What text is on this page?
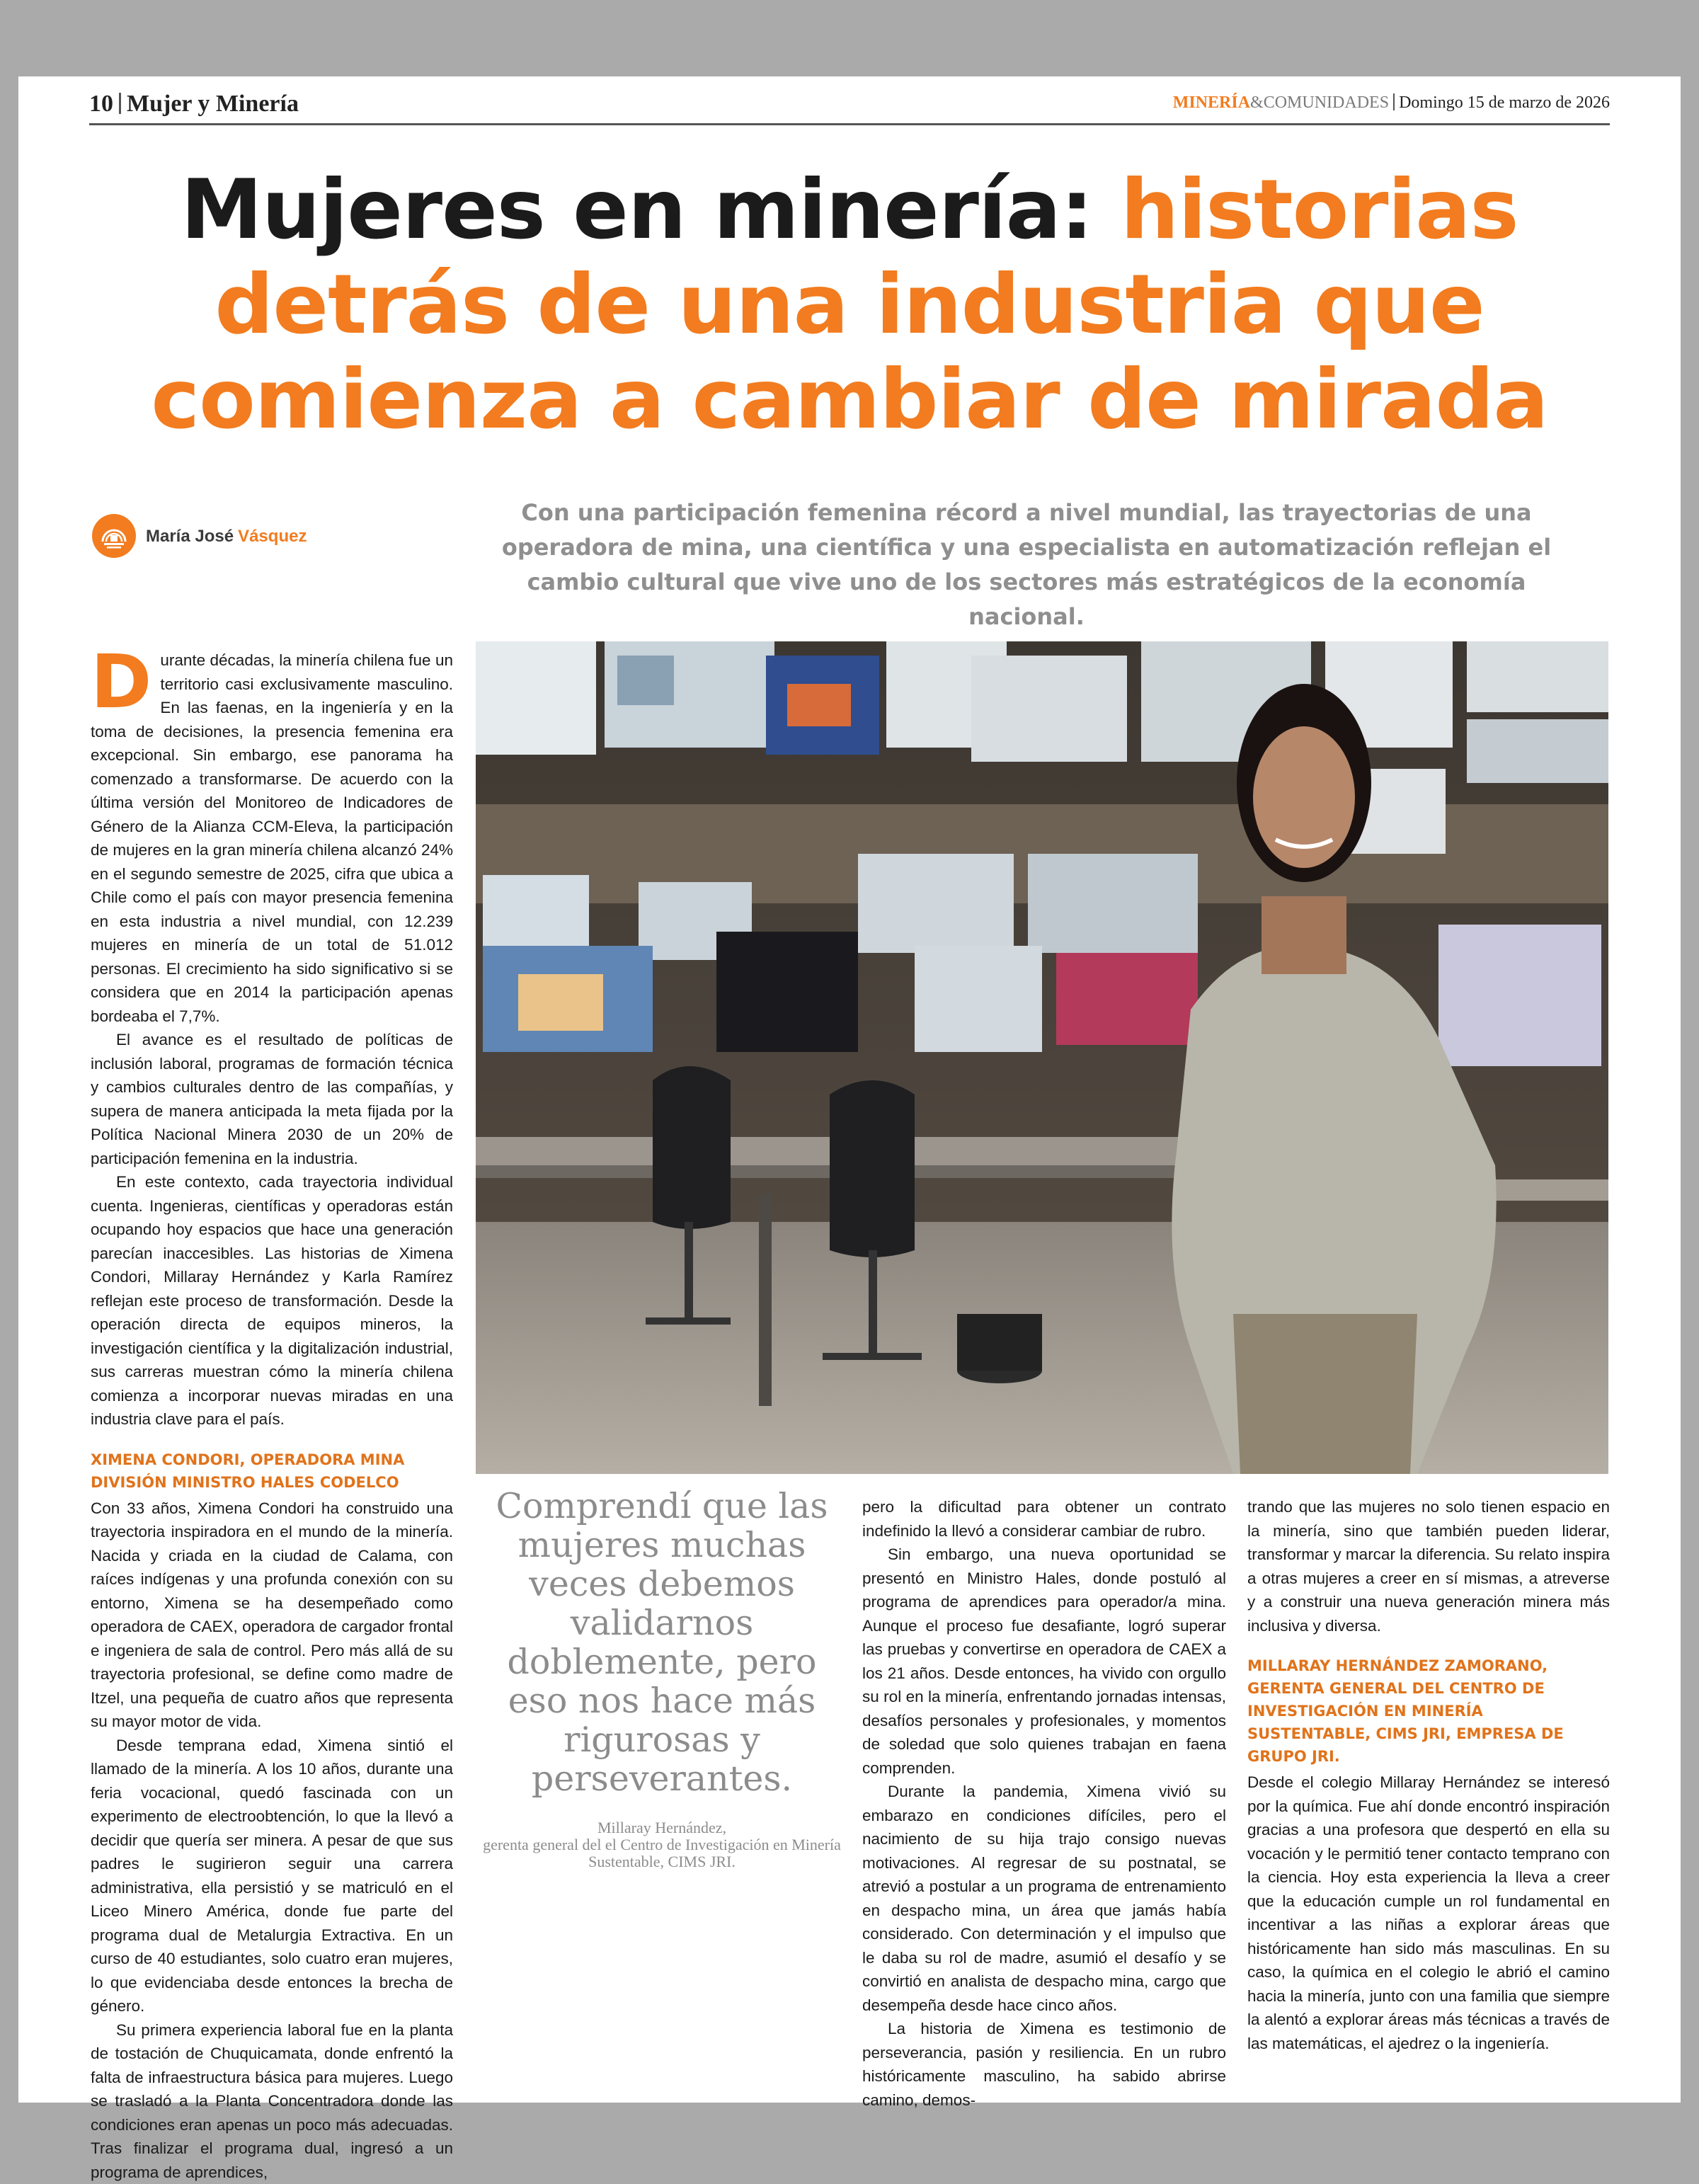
10 Mujer y Minería	MINERÍA&COMUNIDADES Domingo 15 de marzo de 2026
Mujeres en minería: historias
detrás de una industria que
comienza a cambiar de mirada
María José Vásquez
Con una participación femenina récord a nivel mundial, las trayectorias de una operadora de mina, una científica y una especialista en automatización reflejan el cambio cultural que vive uno de los sectores más estratégicos de la economía nacional.

Durante décadas, la minería chilena fue un territorio casi exclusivamente masculino. En las faenas, en la ingeniería y en la toma de decisiones, la presencia femenina era excepcional. Sin embargo, ese panorama ha comenzado a transformarse. De acuerdo con la última versión del Monitoreo de Indicadores de Género de la Alianza CCM-Eleva, la participación de mujeres en la gran minería chilena alcanzó 24% en el segundo semestre de 2025, cifra que ubica a Chile como el país con mayor presencia femenina en esta industria a nivel mundial, con 12.239 mujeres en minería de un total de 51.012 personas. El crecimiento ha sido significativo si se considera que en 2014 la participación apenas bordeaba el 7,7%.

El avance es el resultado de políticas de inclusión laboral, programas de formación técnica y cambios culturales dentro de las compañías, y supera de manera anticipada la meta fijada por la Política Nacional Minera 2030 de un 20% de participación femenina en la industria.

En este contexto, cada trayectoria individual cuenta. Ingenieras, científicas y operadoras están ocupando hoy espacios que hace una generación parecían inaccesibles. Las historias de Ximena Condori, Millaray Hernández y Karla Ramírez reflejan este proceso de transformación. Desde la operación directa de equipos mineros, la investigación científica y la digitalización industrial, sus carreras muestran cómo la minería chilena comienza a incorporar nuevas miradas en una industria clave para el país.

XIMENA CONDORI, OPERADORA MINA DIVISIÓN MINISTRO HALES CODELCO

Con 33 años, Ximena Condori ha construido una trayectoria inspiradora en el mundo de la minería. Nacida y criada en la ciudad de Calama, con raíces indígenas y una profunda conexión con su entorno, Ximena se ha desempeñado como operadora de CAEX, operadora de cargador frontal e ingeniera de sala de control. Pero más allá de su trayectoria profesional, se define como madre de Itzel, una pequeña de cuatro años que representa su mayor motor de vida.

Desde temprana edad, Ximena sintió el llamado de la minería. A los 10 años, durante una feria vocacional, quedó fascinada con un experimento de electroobtención, lo que la llevó a decidir que quería ser minera. A pesar de que sus padres le sugirieron seguir una carrera administrativa, ella persistió y se matriculó en el Liceo Minero América, donde fue parte del programa dual de Metalurgia Extractiva. En un curso de 40 estudiantes, solo cuatro eran mujeres, lo que evidenciaba desde entonces la brecha de género.

Su primera experiencia laboral fue en la planta de tostación de Chuquicamata, donde enfrentó la falta de infraestructura básica para mujeres. Luego se trasladó a la Planta Concentradora donde las condiciones eran apenas un poco más adecuadas. Tras finalizar el programa dual, ingresó a un programa de aprendices,

Comprendí que las mujeres muchas veces debemos validarnos doblemente, pero eso nos hace más rigurosas y perseverantes.
Millaray Hernández,
gerenta general del el Centro de Investigación en Minería Sustentable, CIMS JRI.

pero la dificultad para obtener un contrato indefinido la llevó a considerar cambiar de rubro.

Sin embargo, una nueva oportunidad se presentó en Ministro Hales, donde postuló al programa de aprendices para operador/a mina. Aunque el proceso fue desafiante, logró superar las pruebas y convertirse en operadora de CAEX a los 21 años. Desde entonces, ha vivido con orgullo su rol en la minería, enfrentando jornadas intensas, desafíos personales y profesionales, y momentos de soledad que solo quienes trabajan en faena comprenden.

Durante la pandemia, Ximena vivió su embarazo en condiciones difíciles, pero el nacimiento de su hija trajo consigo nuevas motivaciones. Al regresar de su postnatal, se atrevió a postular a un programa de entrenamiento en despacho mina, un área que jamás había considerado. Con determinación y el impulso que le daba su rol de madre, asumió el desafío y se convirtió en analista de despacho mina, cargo que desempeña desde hace cinco años.

La historia de Ximena es testimonio de perseverancia, pasión y resiliencia. En un rubro históricamente masculino, ha sabido abrirse camino, demos-

trando que las mujeres no solo tienen espacio en la minería, sino que también pueden liderar, transformar y marcar la diferencia. Su relato inspira a otras mujeres a creer en sí mismas, a atreverse y a construir una nueva generación minera más inclusiva y diversa.

MILLARAY HERNÁNDEZ ZAMORANO, GERENTA GENERAL DEL CENTRO DE INVESTIGACIÓN EN MINERÍA SUSTENTABLE, CIMS JRI, EMPRESA DE GRUPO JRI.

Desde el colegio Millaray Hernández se interesó por la química. Fue ahí donde encontró inspiración gracias a una profesora que despertó en ella su vocación y le permitió tener contacto temprano con la ciencia. Hoy esta experiencia la lleva a creer que la educación cumple un rol fundamental en incentivar a las niñas a explorar áreas que históricamente han sido más masculinas. En su caso, la química en el colegio le abrió el camino hacia la minería, junto con una familia que siempre la alentó a explorar áreas más técnicas a través de las matemáticas, el ajedrez o la ingeniería.
